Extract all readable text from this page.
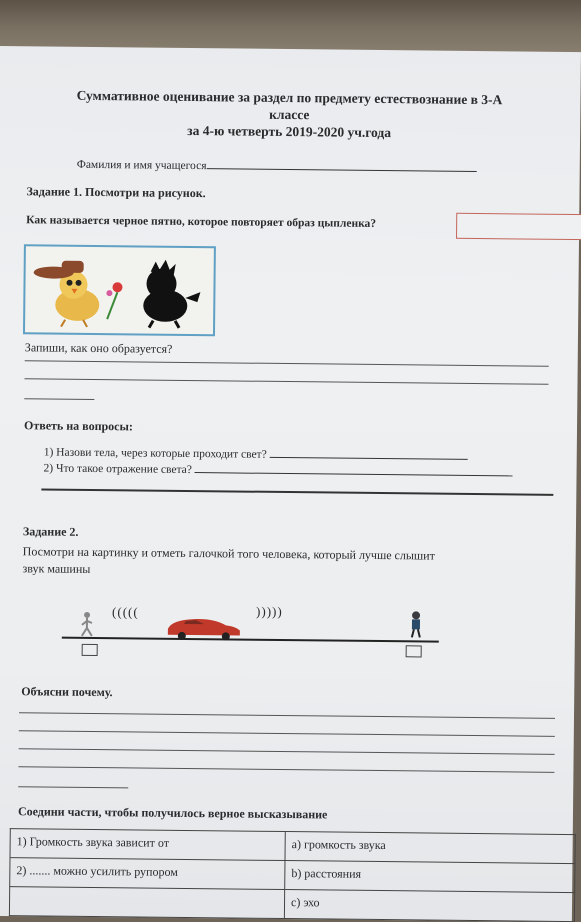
Суммативное оценивание за раздел по предмету естествознание в 3-А
классе
за 4-ю четверть 2019-2020 уч.года
Фамилия и имя учащегося
Задание 1. Посмотри на рисунок.
Как называется черное пятно, которое повторяет образ цыпленка?
Запиши, как оно образуется?
Ответь на вопросы:
1) Назови тела, через которые проходит свет?
2) Что такое отражение света?
Задание 2.
Посмотри на картинку и отметь галочкой того человека, который лучше слышит
звук машины
(((((	)))))
Объясни почему.
Соедини части, чтобы получилось верное высказывание
1) Громкость звука зависит от	а) громкость звука
2) ....... можно усилить рупором	b) расстояния
	c) эхо
